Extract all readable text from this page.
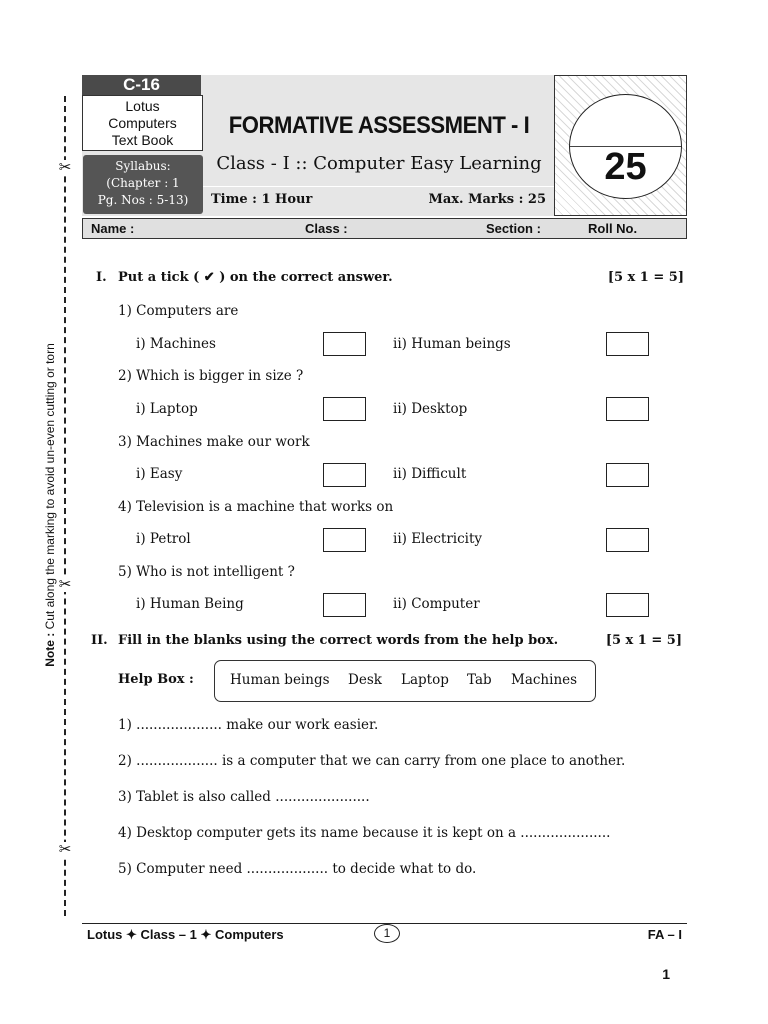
✂
✂
✂
Note : Cut along the marking to avoid un-even cutting or torn
C-16
Lotus
Computers
Text Book
Syllabus:
(Chapter : 1
Pg. Nos : 5-13)
FORMATIVE ASSESSMENT - I
Class - I :: Computer Easy Learning
Time : 1 Hour	Max. Marks : 25
25
Name :	Class :	Section :	Roll No.
I. Put a tick ( ✔ ) on the correct answer.	[5 x 1 = 5]
1) Computers are
i) Machines	ii) Human beings
2) Which is bigger in size ?
i) Laptop	ii) Desktop
3) Machines make our work
i) Easy	ii) Difficult
4) Television is a machine that works on
i) Petrol	ii) Electricity
5) Who is not intelligent ?
i) Human Being	ii) Computer
II. Fill in the blanks using the correct words from the help box.	[5 x 1 = 5]
Help Box :	Human beings Desk Laptop Tab Machines
1) .................... make our work easier.
2) ................... is a computer that we can carry from one place to another.
3) Tablet is also called ......................
4) Desktop computer gets its name because it is kept on a .....................
5) Computer need ................... to decide what to do.
Lotus ✦ Class – 1 ✦ Computers	1	FA – I
1
